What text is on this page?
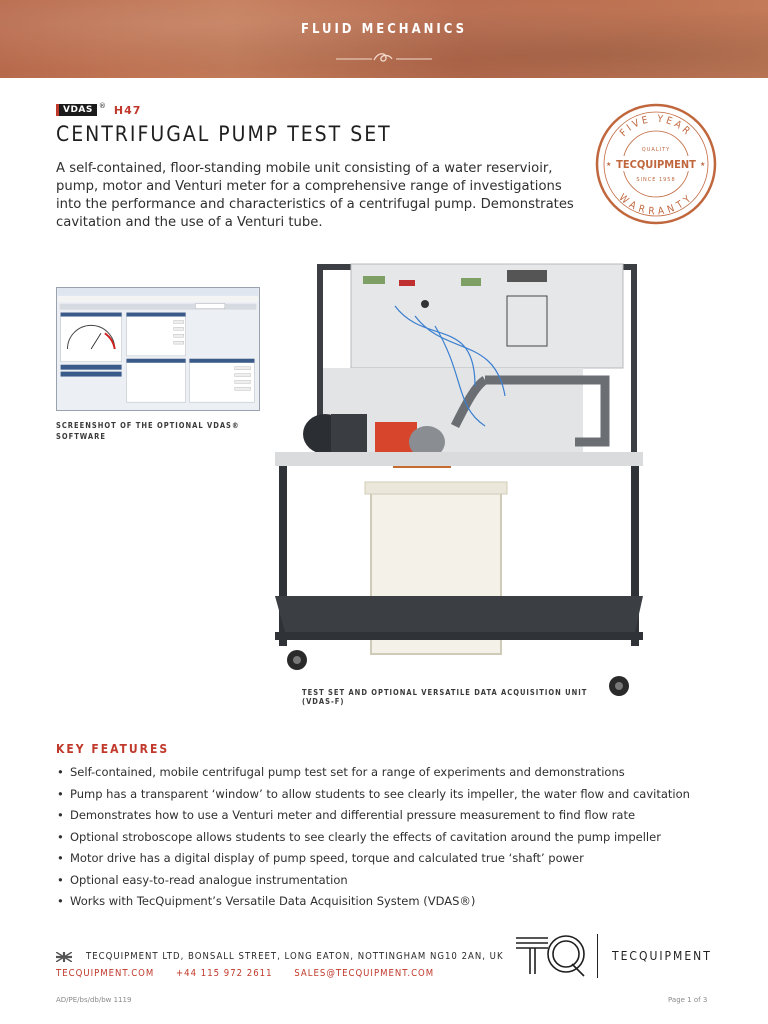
FLUID MECHANICS
VDAS ® H47
CENTRIFUGAL PUMP TEST SET

A self-contained, floor-standing mobile unit consisting of a water reservioir, pump, motor and Venturi meter for a comprehensive range of investigations into the performance and characteristics of a centrifugal pump. Demonstrates cavitation and the use of a Venturi tube.

FIVE YEAR
WARRANTY
QUALITY
TECQUIPMENT
SINCE 1958
★	★
SCREENSHOT OF THE OPTIONAL VDAS® SOFTWARE
TEST SET AND OPTIONAL VERSATILE DATA ACQUISITION UNIT (VDAS-F)
KEY FEATURES
• Self-contained, mobile centrifugal pump test set for a range of experiments and demonstrations
• Pump has a transparent ‘window’ to allow students to see clearly its impeller, the water flow and cavitation
• Demonstrates how to use a Venturi meter and differential pressure measurement to find flow rate
• Optional stroboscope allows students to see clearly the effects of cavitation around the pump impeller
• Motor drive has a digital display of pump speed, torque and calculated true ‘shaft’ power
• Optional easy-to-read analogue instrumentation
• Works with TecQuipment’s Versatile Data Acquisition System (VDAS®)
TECQUIPMENT LTD, BONSALL STREET, LONG EATON, NOTTINGHAM NG10 2AN, UK
TECQUIPMENT.COM +44 115 972 2611 SALES@TECQUIPMENT.COM
TECQUIPMENT
AD/PE/bs/db/bw 1119	Page 1 of 3
